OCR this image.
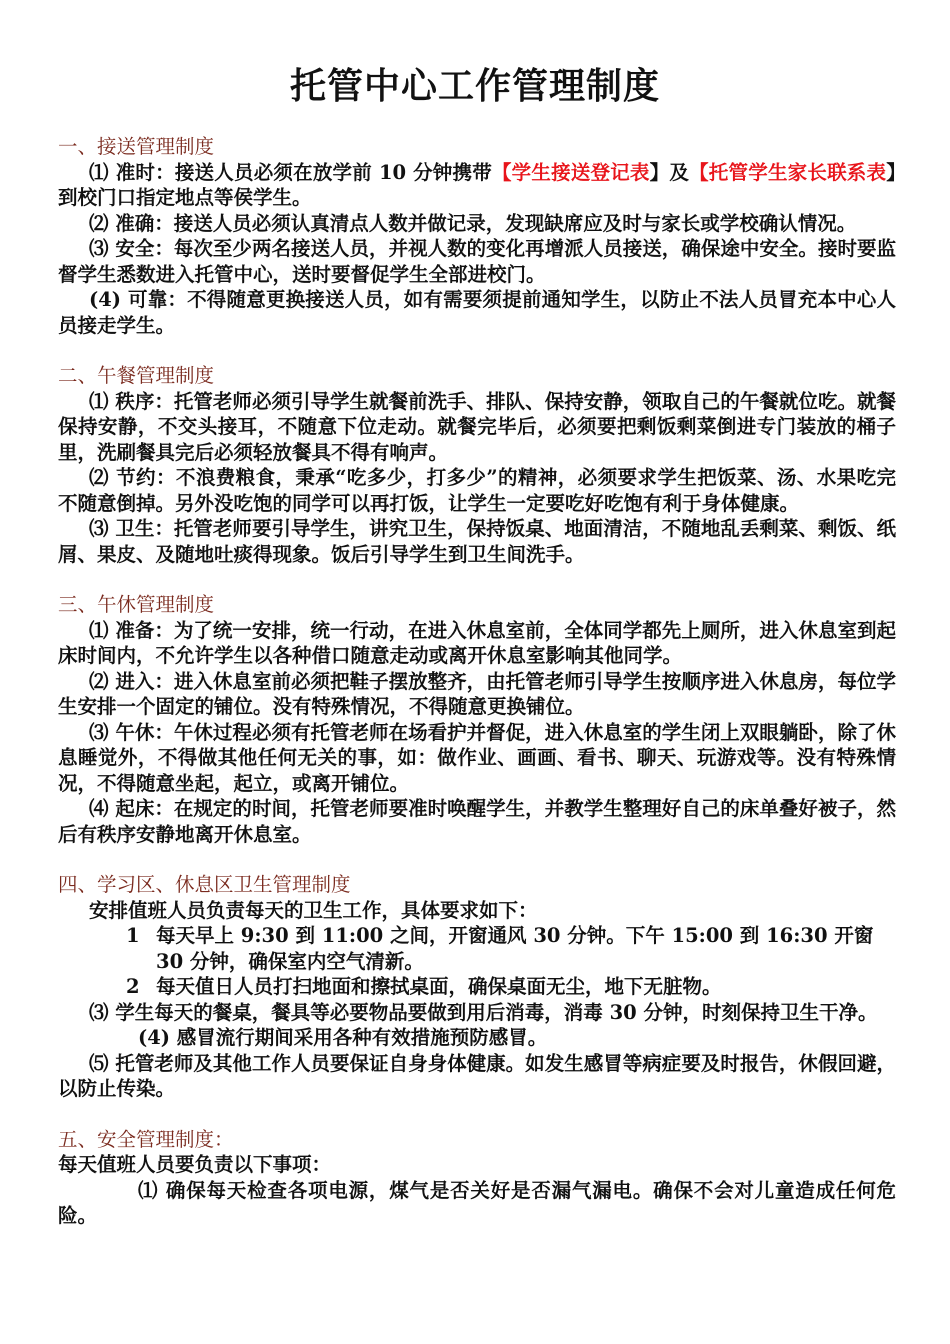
托管中心工作管理制度

一、接送管理制度

⑴ 准时：接送人员必须在放学前 10 分钟携带【学生接送登记表】及【托管学生家长联系表】到校门口指定地点等侯学生。

⑵ 准确：接送人员必须认真清点人数并做记录，发现缺席应及时与家长或学校确认情况。

⑶ 安全：每次至少两名接送人员，并视人数的变化再增派人员接送，确保途中安全。接时要监督学生悉数进入托管中心，送时要督促学生全部进校门。

(4) 可靠：不得随意更换接送人员，如有需要须提前通知学生，以防止不法人员冒充本中心人员接走学生。

二、午餐管理制度

⑴ 秩序：托管老师必须引导学生就餐前洗手、排队、保持安静，领取自己的午餐就位吃。就餐保持安静，不交头接耳，不随意下位走动。就餐完毕后，必须要把剩饭剩菜倒进专门装放的桶子里，洗刷餐具完后必须轻放餐具不得有响声。

⑵ 节约：不浪费粮食，秉承“吃多少，打多少”的精神，必须要求学生把饭菜、汤、水果吃完不随意倒掉。另外没吃饱的同学可以再打饭，让学生一定要吃好吃饱有利于身体健康。

⑶ 卫生：托管老师要引导学生，讲究卫生，保持饭桌、地面清洁，不随地乱丢剩菜、剩饭、纸屑、果皮、及随地吐痰得现象。饭后引导学生到卫生间洗手。

三、午休管理制度

⑴ 准备：为了统一安排，统一行动，在进入休息室前，全体同学都先上厕所，进入休息室到起床时间内，不允许学生以各种借口随意走动或离开休息室影响其他同学。

⑵ 进入：进入休息室前必须把鞋子摆放整齐，由托管老师引导学生按顺序进入休息房，每位学生安排一个固定的铺位。没有特殊情况，不得随意更换铺位。

⑶ 午休：午休过程必须有托管老师在场看护并督促，进入休息室的学生闭上双眼躺卧，除了休息睡觉外，不得做其他任何无关的事，如：做作业、画画、看书、聊天、玩游戏等。没有特殊情况，不得随意坐起，起立，或离开铺位。

⑷ 起床：在规定的时间，托管老师要准时唤醒学生，并教学生整理好自己的床单叠好被子，然后有秩序安静地离开休息室。

四、学习区、休息区卫生管理制度

安排值班人员负责每天的卫生工作，具体要求如下：

1 每天早上 9:30 到 11:00 之间，开窗通风 30 分钟。下午 15:00 到 16:30 开窗 30 分钟，确保室内空气清新。
2 每天值日人员打扫地面和擦拭桌面，确保桌面无尘，地下无脏物。

⑶ 学生每天的餐桌，餐具等必要物品要做到用后消毒，消毒 30 分钟，时刻保持卫生干净。

(4) 感冒流行期间采用各种有效措施预防感冒。

⑸ 托管老师及其他工作人员要保证自身身体健康。如发生感冒等病症要及时报告，休假回避，以防止传染。

五、安全管理制度：

每天值班人员要负责以下事项：

⑴ 确保每天检查各项电源，煤气是否关好是否漏气漏电。确保不会对儿童造成任何危险。
